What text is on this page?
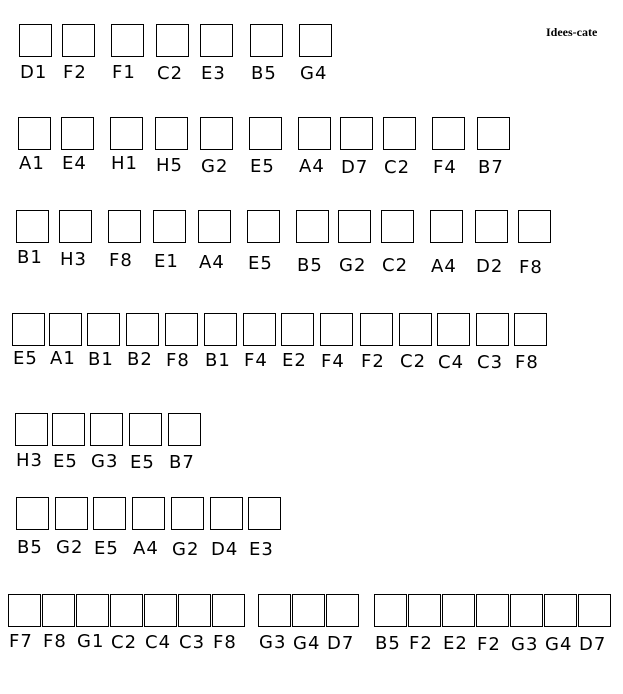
Idees-cate
D1 F2 F1 C2 E3 B5 G4
A1 E4 H1 H5 G2 E5 A4 D7 C2 F4 B7
B1 H3 F8 E1 A4 E5 B5 G2 C2 A4 D2 F8
E5 A1 B1 B2 F8 B1 F4 E2 F4 F2 C2 C4 C3 F8
H3 E5 G3 E5 B7
B5 G2 E5 A4 G2 D4 E3
F7 F8 G1 C2 C4 C3 F8 G3 G4 D7 B5 F2 E2 F2 G3 G4 D7
